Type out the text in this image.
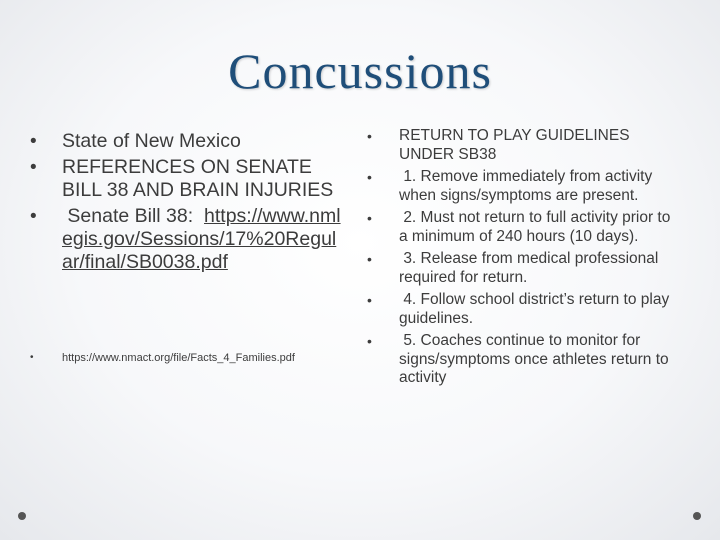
Concussions
• State of New Mexico
• REFERENCES ON SENATE BILL 38 AND BRAIN INJURIES
• Senate Bill 38:  https://www.nmlegis.gov/Sessions/17%20Regular/final/SB0038.pdf
•	https://www.nmact.org/file/Facts_4_Families.pdf
• RETURN TO PLAY GUIDELINES UNDER SB38
• 1. Remove immediately from activity when signs/symptoms are present.
• 2. Must not return to full activity prior to a minimum of 240 hours (10 days).
• 3. Release from medical professional required for return.
• 4. Follow school district’s return to play guidelines.
• 5. Coaches continue to monitor for signs/symptoms once athletes return to activity
